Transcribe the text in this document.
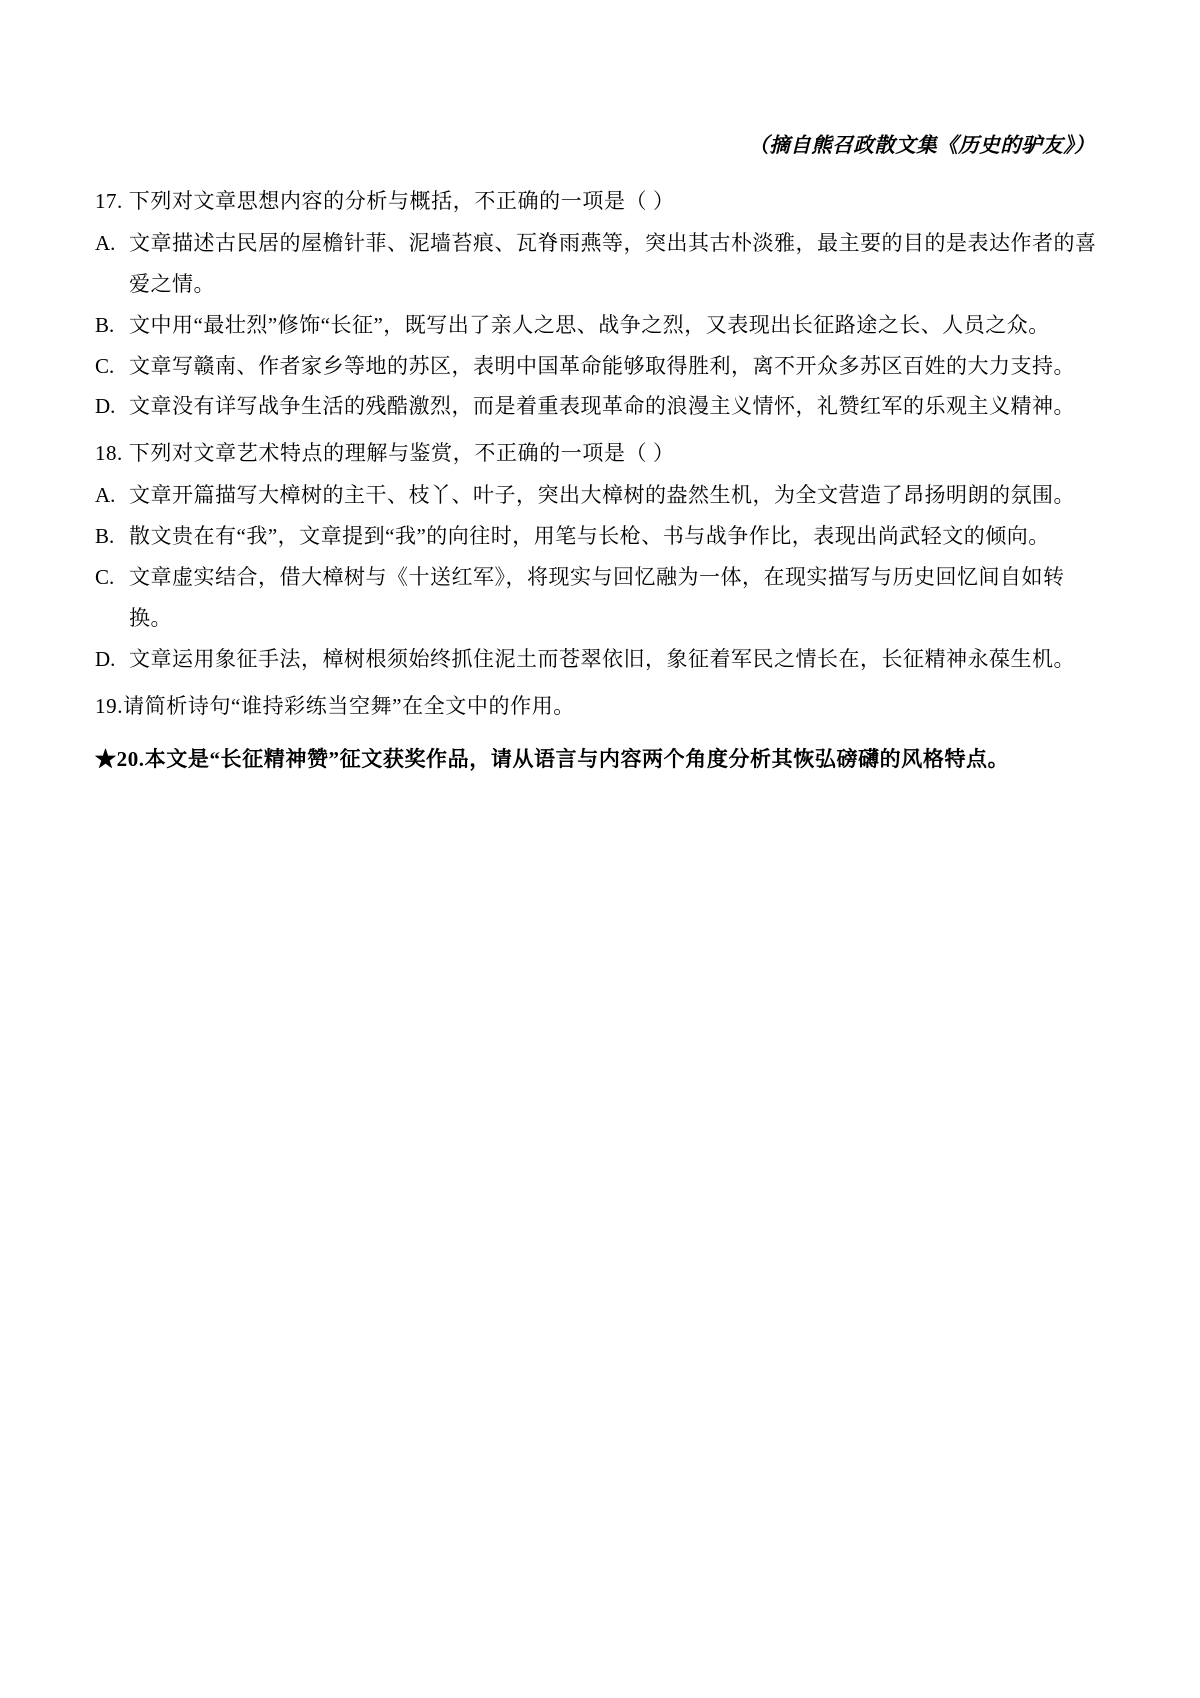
（摘自熊召政散文集《历史的驴友》）

17. 下列对文章思想内容的分析与概括，不正确的一项是（ ）

A. 文章描述古民居的屋檐针菲、泥墙苔痕、瓦脊雨燕等，突出其古朴淡雅，最主要的目的是表达作者的喜爱之情。

B. 文中用“最壮烈”修饰“长征”，既写出了亲人之思、战争之烈，又表现出长征路途之长、人员之众。

C. 文章写赣南、作者家乡等地的苏区，表明中国革命能够取得胜利，离不开众多苏区百姓的大力支持。

D. 文章没有详写战争生活的残酷激烈，而是着重表现革命的浪漫主义情怀，礼赞红军的乐观主义精神。

18. 下列对文章艺术特点的理解与鉴赏，不正确的一项是（ ）

A. 文章开篇描写大樟树的主干、枝丫、叶子，突出大樟树的盎然生机，为全文营造了昂扬明朗的氛围。

B. 散文贵在有“我”，文章提到“我”的向往时，用笔与长枪、书与战争作比，表现出尚武轻文的倾向。

C. 文章虚实结合，借大樟树与《十送红军》，将现实与回忆融为一体，在现实描写与历史回忆间自如转换。

D. 文章运用象征手法，樟树根须始终抓住泥土而苍翠依旧，象征着军民之情长在，长征精神永葆生机。

19.请简析诗句“谁持彩练当空舞”在全文中的作用。

★20.本文是“长征精神赞”征文获奖作品，请从语言与内容两个角度分析其恢弘磅礴的风格特点。
